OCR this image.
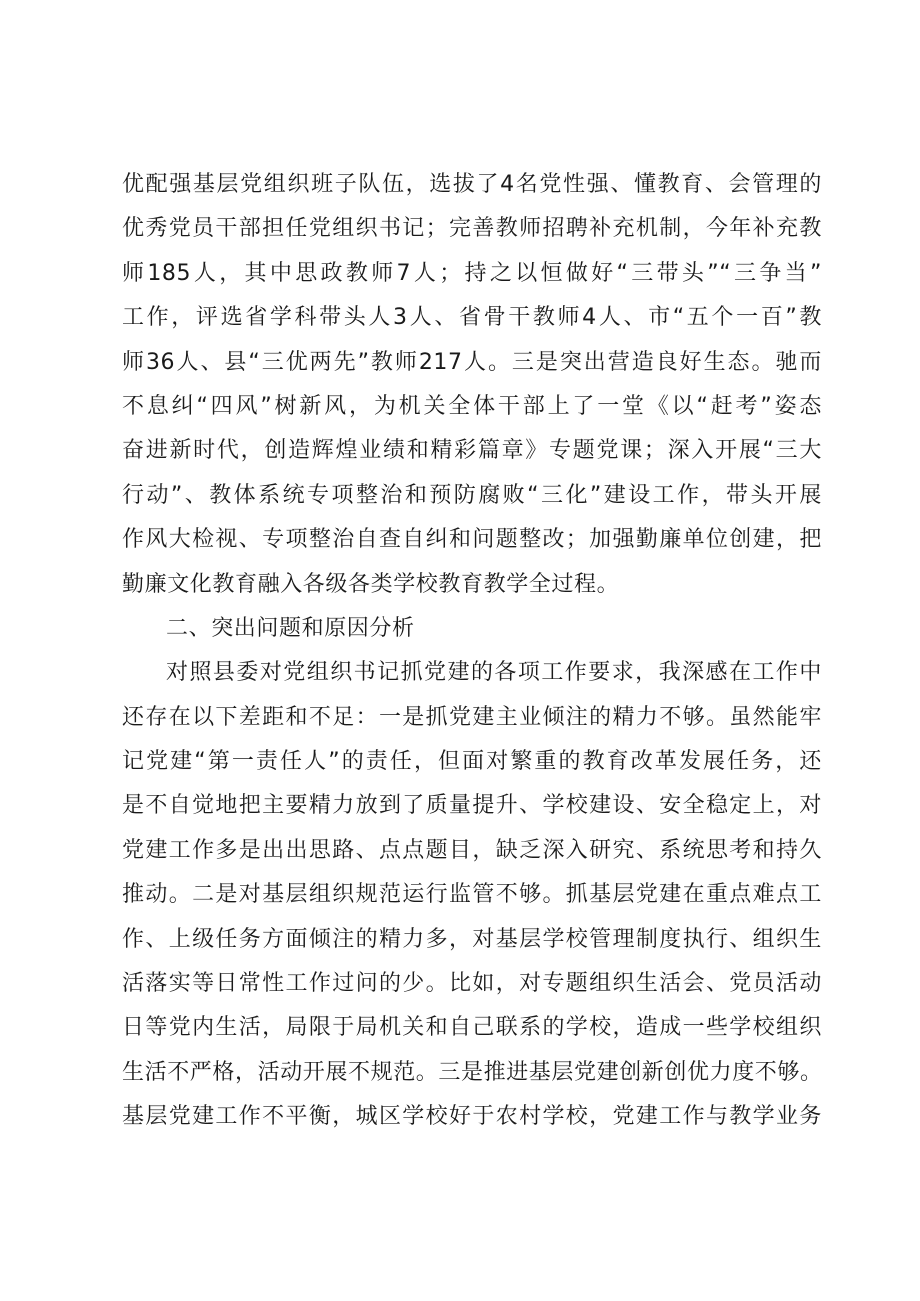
优配强基层党组织班子队伍，选拔了4名党性强、懂教育、会管理的
优秀党员干部担任党组织书记；完善教师招聘补充机制，今年补充教
师185人，其中思政教师7人；持之以恒做好“三带头”“三争当”
工作，评选省学科带头人3人、省骨干教师4人、市“五个一百”教
师36人、县“三优两先”教师217人。三是突出营造良好生态。驰而
不息纠“四风”树新风，为机关全体干部上了一堂《以“赶考”姿态
奋进新时代，创造辉煌业绩和精彩篇章》专题党课；深入开展“三大
行动”、教体系统专项整治和预防腐败“三化”建设工作，带头开展
作风大检视、专项整治自查自纠和问题整改；加强勤廉单位创建，把
勤廉文化教育融入各级各类学校教育教学全过程。
二、突出问题和原因分析
对照县委对党组织书记抓党建的各项工作要求，我深感在工作中
还存在以下差距和不足：一是抓党建主业倾注的精力不够。虽然能牢
记党建“第一责任人”的责任，但面对繁重的教育改革发展任务，还
是不自觉地把主要精力放到了质量提升、学校建设、安全稳定上，对
党建工作多是出出思路、点点题目，缺乏深入研究、系统思考和持久
推动。二是对基层组织规范运行监管不够。抓基层党建在重点难点工
作、上级任务方面倾注的精力多，对基层学校管理制度执行、组织生
活落实等日常性工作过问的少。比如，对专题组织生活会、党员活动
日等党内生活，局限于局机关和自己联系的学校，造成一些学校组织
生活不严格，活动开展不规范。三是推进基层党建创新创优力度不够。
基层党建工作不平衡，城区学校好于农村学校，党建工作与教学业务
